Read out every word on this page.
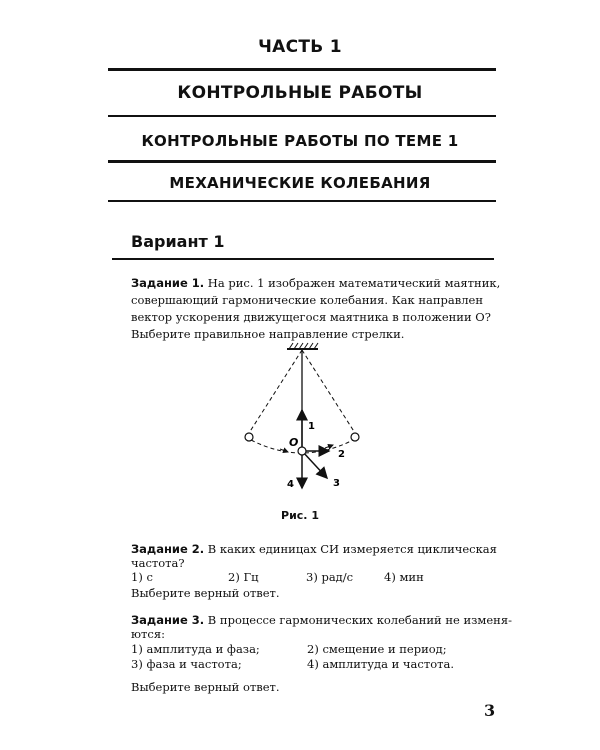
ЧАСТЬ 1
КОНТРОЛЬНЫЕ РАБОТЫ
КОНТРОЛЬНЫЕ РАБОТЫ ПО ТЕМЕ 1
МЕХАНИЧЕСКИЕ КОЛЕБАНИЯ
Вариант 1
Задание 1. На рис. 1 изображен математический маятник, совершающий гармонические колебания. Как направлен вектор ускорения движущегося маятника в положении O? Выберите правильное направление стрелки.
O
1
2
3
4
Рис. 1
Задание 2. В каких единицах СИ измеряется циклическая
частота?
1) с	2) Гц	3) рад/с	4) мин
Выберите верный ответ.
Задание 3. В процессе гармонических колебаний не изменя-
ются:
1) амплитуда и фаза;	2) смещение и период;
3) фаза и частота;	4) амплитуда и частота.
Выберите верный ответ.
3
